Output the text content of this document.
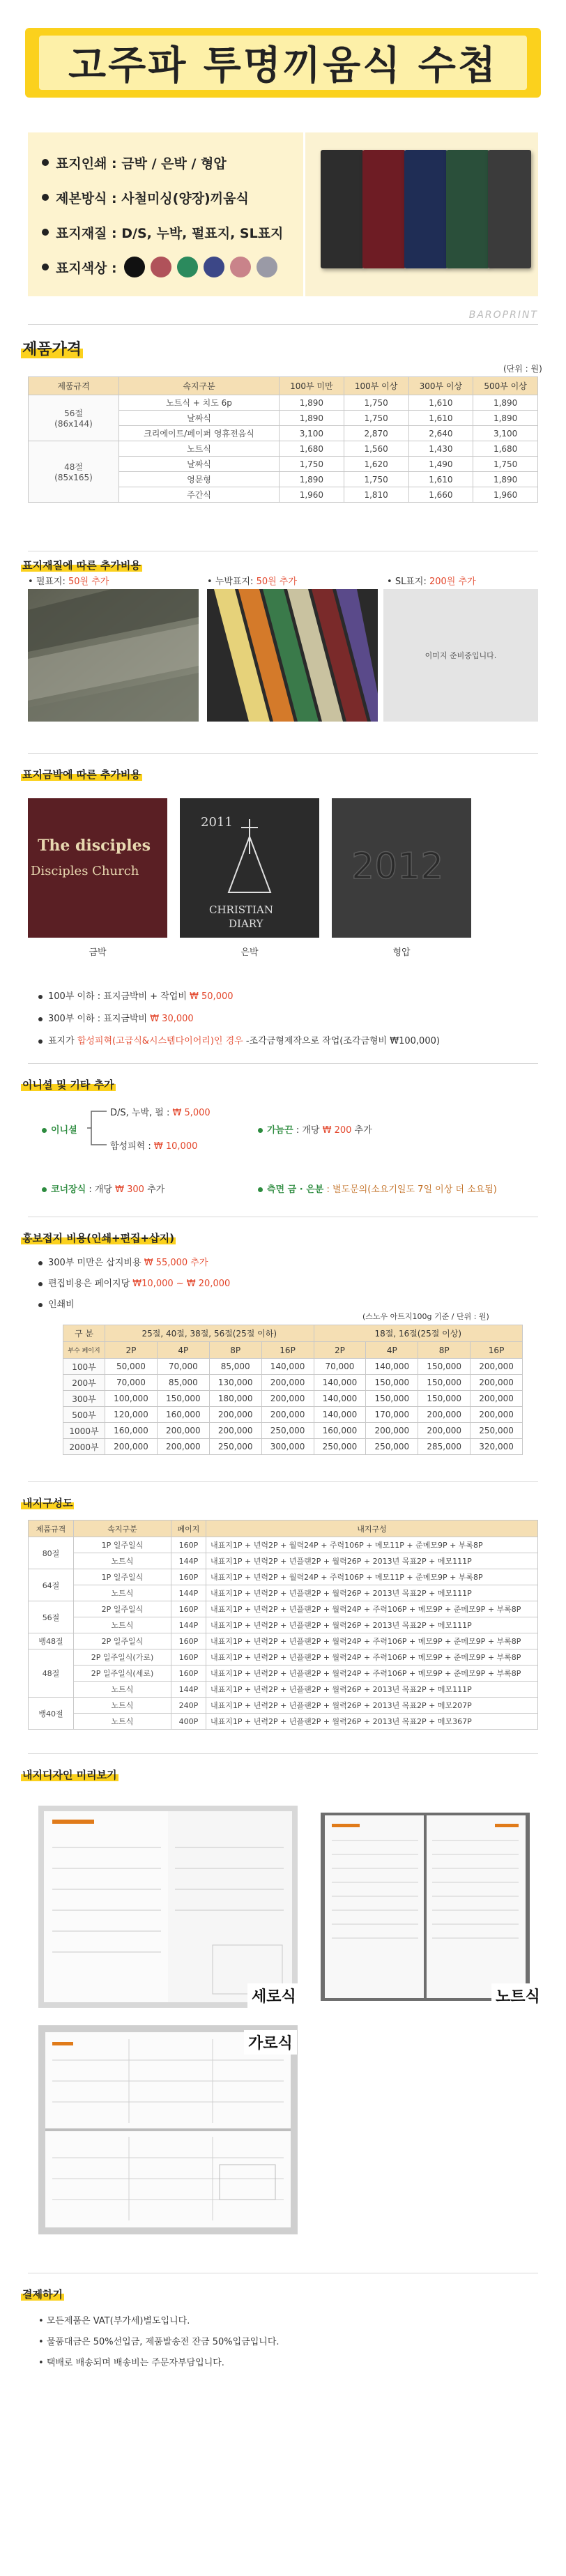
고주파 투명끼움식 수첩
표지인쇄 : 금박 / 은박 / 형압
제본방식 : 사철미싱(양장)끼움식
표지재질 : D/S, 누박, 펄표지, SL표지
표지색상 :
BAROPRINT
제품가격
(단위 : 원)
제품규격	속지구분	100부 미만	100부 이상	300부 이상	500부 이상
56절
(86x144)	노트식 + 치도 6p	1,890	1,750	1,610	1,890
	날짜식	1,890	1,750	1,610	1,890
	크리에이트/페이퍼 영휴전음식	3,100	2,870	2,640	3,100
48절
(85x165)	노트식	1,680	1,560	1,430	1,680
	날짜식	1,750	1,620	1,490	1,750
	영문형	1,890	1,750	1,610	1,890
	주간식	1,960	1,810	1,660	1,960
표지재질에 따른 추가비용
• 펄표지: 50원 추가	• 누박표지: 50원 추가	• SL표지: 200원 추가
이미지 준비중입니다.
표지금박에 따른 추가비용
The disciples
Disciples Church
2011
CHRISTIAN
DIARY
2012
금박	은박	형압
100부 이하 : 표지금박비 + 작업비 ₩ 50,000
300부 이하 : 표지금박비 ₩ 30,000
표지가 합성피혁(고급식&시스템다이어리)인 경우 -조각금형제작으로 작업(조각금형비 ₩100,000)
이니셜 및 기타 추가
이니셜
D/S, 누박, 펄 : ₩ 5,000
합성피혁 : ₩ 10,000
가늠끈 : 개당 ₩ 200 추가
코너장식 : 개당 ₩ 300 추가	측면 금 · 은분 : 별도문의(소요기일도 7일 이상 더 소요됨)
홍보접지 비용(인쇄+편집+삽지)
300부 미만은 삽지비용 ₩ 55,000 추가
편집비용은 페이지당 ₩10,000 ~ ₩ 20,000
인쇄비
(스노우 아트지100g 기준 / 단위 : 원)
구 분	25절, 40절, 38절, 56절(25절 이하)				18절, 16절(25절 이상)			
부수 페이지	2P	4P	8P	16P	2P	4P	8P	16P
100부	50,000	70,000	85,000	140,000	70,000	140,000	150,000	200,000
200부	70,000	85,000	130,000	200,000	140,000	150,000	150,000	200,000
300부	100,000	150,000	180,000	200,000	140,000	150,000	150,000	200,000
500부	120,000	160,000	200,000	200,000	140,000	170,000	200,000	200,000
1000부	160,000	200,000	200,000	250,000	160,000	200,000	200,000	250,000
2000부	200,000	200,000	250,000	300,000	250,000	250,000	285,000	320,000
내지구성도
제품규격	속지구분	페이지	내지구성
80절	1P 일주일식	160P	내표지1P + 년력2P + 월력24P + 주력106P + 메모11P + 준메모9P + 부록8P
	노트식	144P	내표지1P + 년력2P + 년플랜2P + 월력26P + 2013년 목표2P + 메모111P
64절	1P 일주일식	160P	내표지1P + 년력2P + 월력24P + 주력106P + 메모11P + 준메모9P + 부록8P
	노트식	144P	내표지1P + 년력2P + 년플랜2P + 월력26P + 2013년 목표2P + 메모111P
56절	2P 일주일식	160P	내표지1P + 년력2P + 년플랜2P + 월력24P + 주력106P + 메모9P + 준메모9P + 부록8P
	노트식	144P	내표지1P + 년력2P + 년플랜2P + 월력26P + 2013년 목표2P + 메모111P
뱅48절	2P 일주일식	160P	내표지1P + 년력2P + 년플랜2P + 월력24P + 주력106P + 메모9P + 준메모9P + 부록8P
48절	2P 일주일식(가로)	160P	내표지1P + 년력2P + 년플랜2P + 월력24P + 주력106P + 메모9P + 준메모9P + 부록8P
	2P 일주일식(세로)	160P	내표지1P + 년력2P + 년플랜2P + 월력24P + 주력106P + 메모9P + 준메모9P + 부록8P
	노트식	144P	내표지1P + 년력2P + 년플랜2P + 월력26P + 2013년 목표2P + 메모111P
뱅40절	노트식	240P	내표지1P + 년력2P + 년플랜2P + 월력26P + 2013년 목표2P + 메모207P
	노트식	400P	내표지1P + 년력2P + 년플랜2P + 월력26P + 2013년 목표2P + 메모367P
내지디자인 미리보기
세로식	노트식
가로식
결제하기
• 모든제품은 VAT(부가세)별도입니다.
• 물품대금은 50%선입금, 제품발송전 잔금 50%입금입니다.
• 택배로 배송되며 배송비는 주문자부담입니다.
